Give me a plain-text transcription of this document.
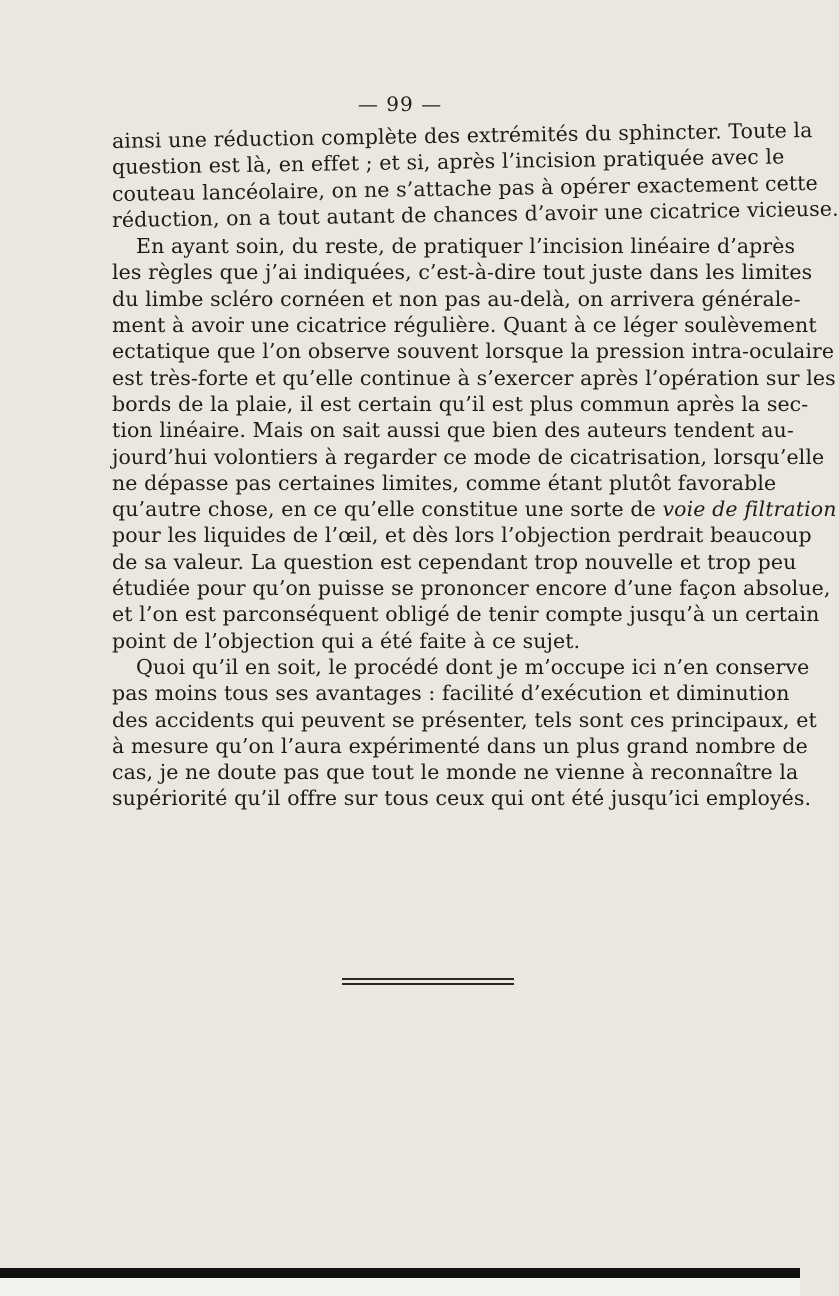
— 99 —
ainsi une réduction complète des extrémités du sphincter. Toute la
question est là, en effet ; et si, après l’incision pratiquée avec le
couteau lancéolaire, on ne s’attache pas à opérer exactement cette
réduction, on a tout autant de chances d’avoir une cicatrice vicieuse.
En ayant soin, du reste, de pratiquer l’incision linéaire d’après
les règles que j’ai indiquées, c’est-à-dire tout juste dans les limites
du limbe scléro cornéen et non pas au-delà, on arrivera générale-
ment à avoir une cicatrice régulière. Quant à ce léger soulèvement
ectatique que l’on observe souvent lorsque la pression intra-oculaire
est très-forte et qu’elle continue à s’exercer après l’opération sur les
bords de la plaie, il est certain qu’il est plus commun après la sec-
tion linéaire. Mais on sait aussi que bien des auteurs tendent au-
jourd’hui volontiers à regarder ce mode de cicatrisation, lorsqu’elle
ne dépasse pas certaines limites, comme étant plutôt favorable
qu’autre chose, en ce qu’elle constitue une sorte de voie de filtration
pour les liquides de l’œil, et dès lors l’objection perdrait beaucoup
de sa valeur. La question est cependant trop nouvelle et trop peu
étudiée pour qu’on puisse se prononcer encore d’une façon absolue,
et l’on est parconséquent obligé de tenir compte jusqu’à un certain
point de l’objection qui a été faite à ce sujet.
Quoi qu’il en soit, le procédé dont je m’occupe ici n’en conserve
pas moins tous ses avantages : facilité d’exécution et diminution
des accidents qui peuvent se présenter, tels sont ces principaux, et
à mesure qu’on l’aura expérimenté dans un plus grand nombre de
cas, je ne doute pas que tout le monde ne vienne à reconnaître la
supériorité qu’il offre sur tous ceux qui ont été jusqu’ici employés.
